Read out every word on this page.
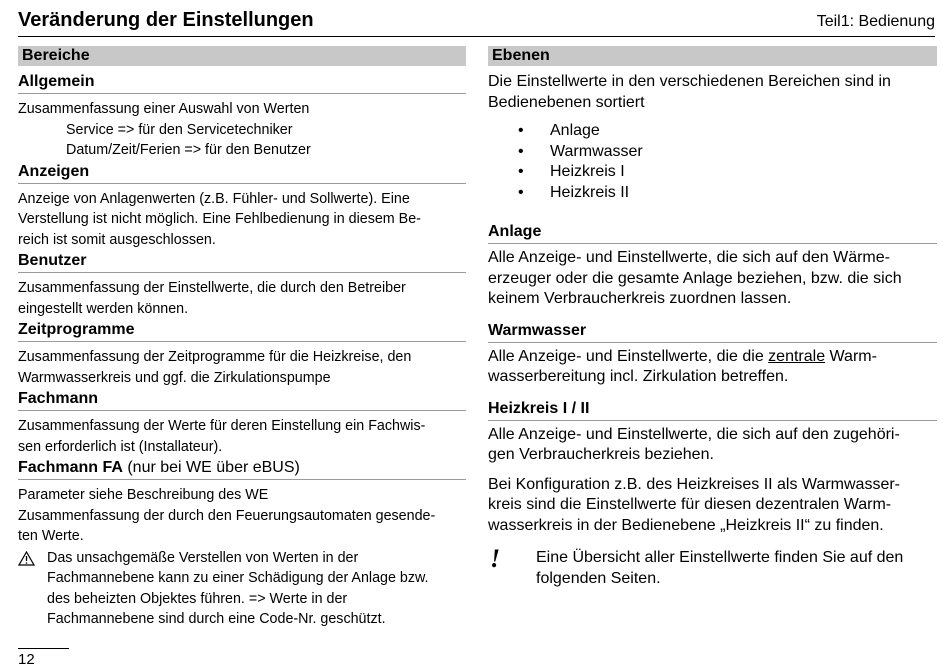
Veränderung der Einstellungen	Teil1: Bedienung
Bereiche
Allgemein

Zusammenfassung einer Auswahl von Werten

Service => für den Servicetechniker

Datum/Zeit/Ferien => für den Benutzer

Anzeigen

Anzeige von Anlagenwerten (z.B. Fühler- und Sollwerte). Eine

Verstellung ist nicht möglich. Eine Fehlbedienung in diesem Be-

reich ist somit ausgeschlossen.

Benutzer

Zusammenfassung der Einstellwerte, die durch den Betreiber

eingestellt werden können.

Zeitprogramme

Zusammenfassung der Zeitprogramme für die Heizkreise, den

Warmwasserkreis und ggf. die Zirkulationspumpe

Fachmann

Zusammenfassung der Werte für deren Einstellung ein Fachwis-

sen erforderlich ist (Installateur).

Fachmann FA (nur bei WE über eBUS)

Parameter siehe Beschreibung des WE

Zusammenfassung der durch den Feuerungsautomaten gesende-

ten Werte.

Das unsachgemäße Verstellen von Werten in der

Fachmannebene kann zu einer Schädigung der Anlage bzw.

des beheizten Objektes führen. => Werte in der

Fachmannebene sind durch eine Code-Nr. geschützt.

Ebenen

Die Einstellwerte in den verschiedenen Bereichen sind in

Bedienebenen sortiert

• Anlage
• Warmwasser
• Heizkreis I
• Heizkreis II
Anlage

Alle Anzeige- und Einstellwerte, die sich auf den Wärme-

erzeuger oder die gesamte Anlage beziehen, bzw. die sich

keinem Verbraucherkreis zuordnen lassen.

Warmwasser

Alle Anzeige- und Einstellwerte, die die zentrale Warm-

wasserbereitung incl. Zirkulation betreffen.

Heizkreis I / II

Alle Anzeige- und Einstellwerte, die sich auf den zugehöri-

gen Verbraucherkreis beziehen.

Bei Konfiguration z.B. des Heizkreises II als Warmwasser-

kreis sind die Einstellwerte für diesen dezentralen Warm-

wasserkreis in der Bedienebene „Heizkreis II“ zu finden.

! Eine Übersicht aller Einstellwerte finden Sie auf den

folgenden Seiten.

12
